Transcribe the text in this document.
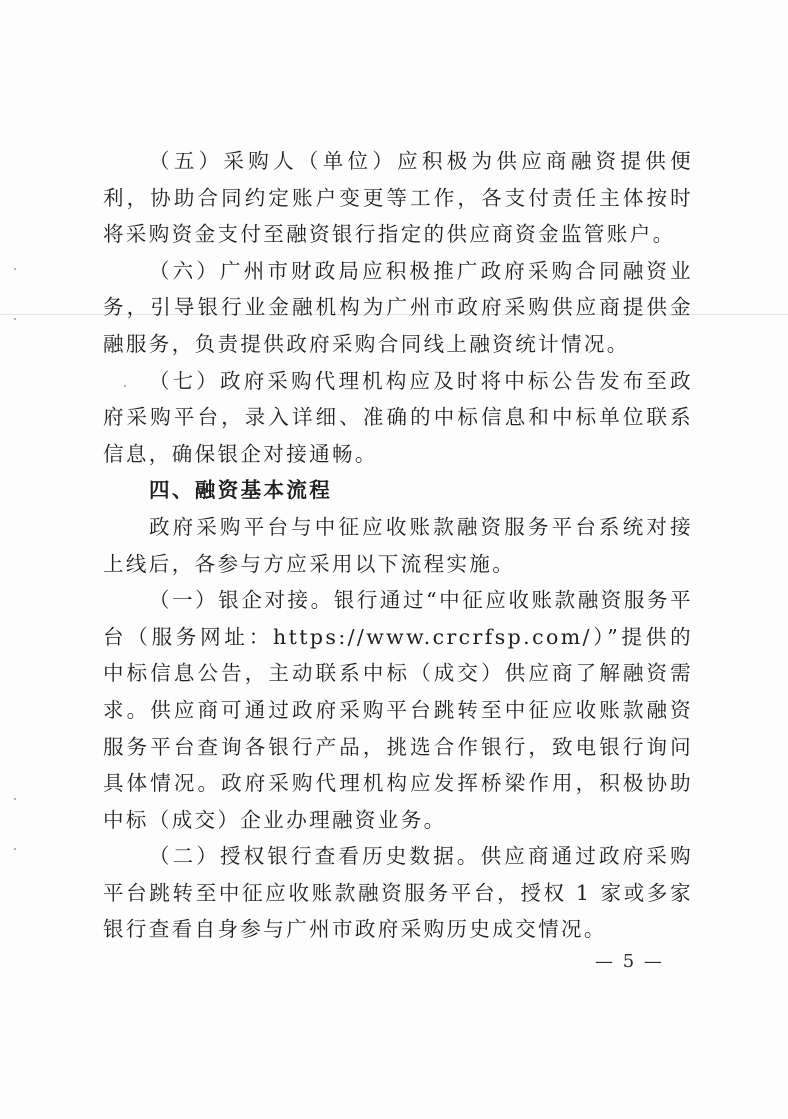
（五）采购人（单位）应积极为供应商融资提供便利，协助合同约定账户变更等工作，各支付责任主体按时将采购资金支付至融资银行指定的供应商资金监管账户。

（六）广州市财政局应积极推广政府采购合同融资业务，引导银行业金融机构为广州市政府采购供应商提供金融服务，负责提供政府采购合同线上融资统计情况。

（七）政府采购代理机构应及时将中标公告发布至政府采购平台，录入详细、准确的中标信息和中标单位联系信息，确保银企对接通畅。

四、融资基本流程

政府采购平台与中征应收账款融资服务平台系统对接上线后，各参与方应采用以下流程实施。

（一）银企对接。银行通过“中征应收账款融资服务平台（服务网址：https://www.crcrfsp.com/）”提供的中标信息公告，主动联系中标（成交）供应商了解融资需求。供应商可通过政府采购平台跳转至中征应收账款融资服务平台查询各银行产品，挑选合作银行，致电银行询问具体情况。政府采购代理机构应发挥桥梁作用，积极协助中标（成交）企业办理融资业务。

（二）授权银行查看历史数据。供应商通过政府采购平台跳转至中征应收账款融资服务平台，授权 1 家或多家银行查看自身参与广州市政府采购历史成交情况。

— 5 —
